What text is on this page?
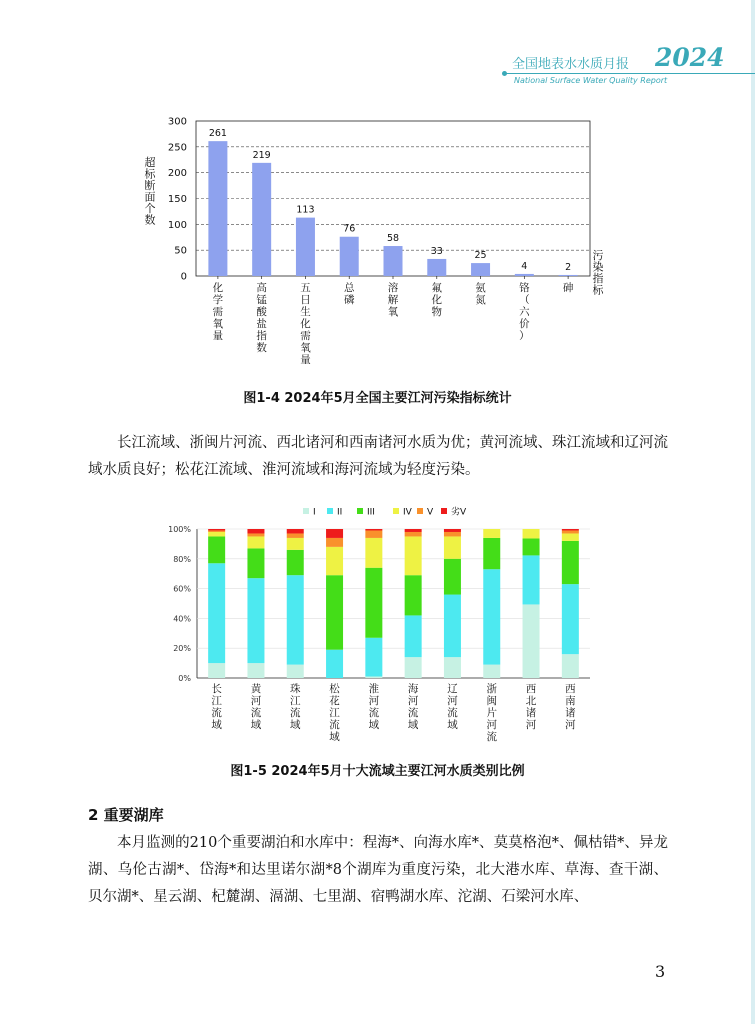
全国地表水水质月报 2024
National Surface Water Quality Report
0
50
100
150
200
250
300
超标断面个数
污染指标
261
化学需氧量
219
高锰酸盐指数
113
五日生化需氧量
76
总磷
58
溶解氧
33
氟化物
25
氨氮
4
铬（六价）
2
砷
图1-4 2024年5月全国主要江河污染指标统计

长江流域、浙闽片河流、西北诸河和西南诸河水质为优；黄河流域、珠江流域和辽河流域水质良好；松花江流域、淮河流域和海河流域为轻度污染。

I II	III	IV V 劣V
0%
20%
40%
60%
80%
100%
长江流域
黄河流域
珠江流域
松花江流域
淮河流域
海河流域
辽河流域
浙闽片河流
西北诸河
西南诸河
图1-5 2024年5月十大流域主要江河水质类别比例
2 重要湖库

本月监测的210个重要湖泊和水库中：程海*、向海水库*、莫莫格泡*、佩枯错*、异龙湖、乌伦古湖*、岱海*和达里诺尔湖*8个湖库为重度污染，北大港水库、草海、查干湖、贝尔湖*、星云湖、杞麓湖、滆湖、七里湖、宿鸭湖水库、沱湖、石梁河水库、

3
